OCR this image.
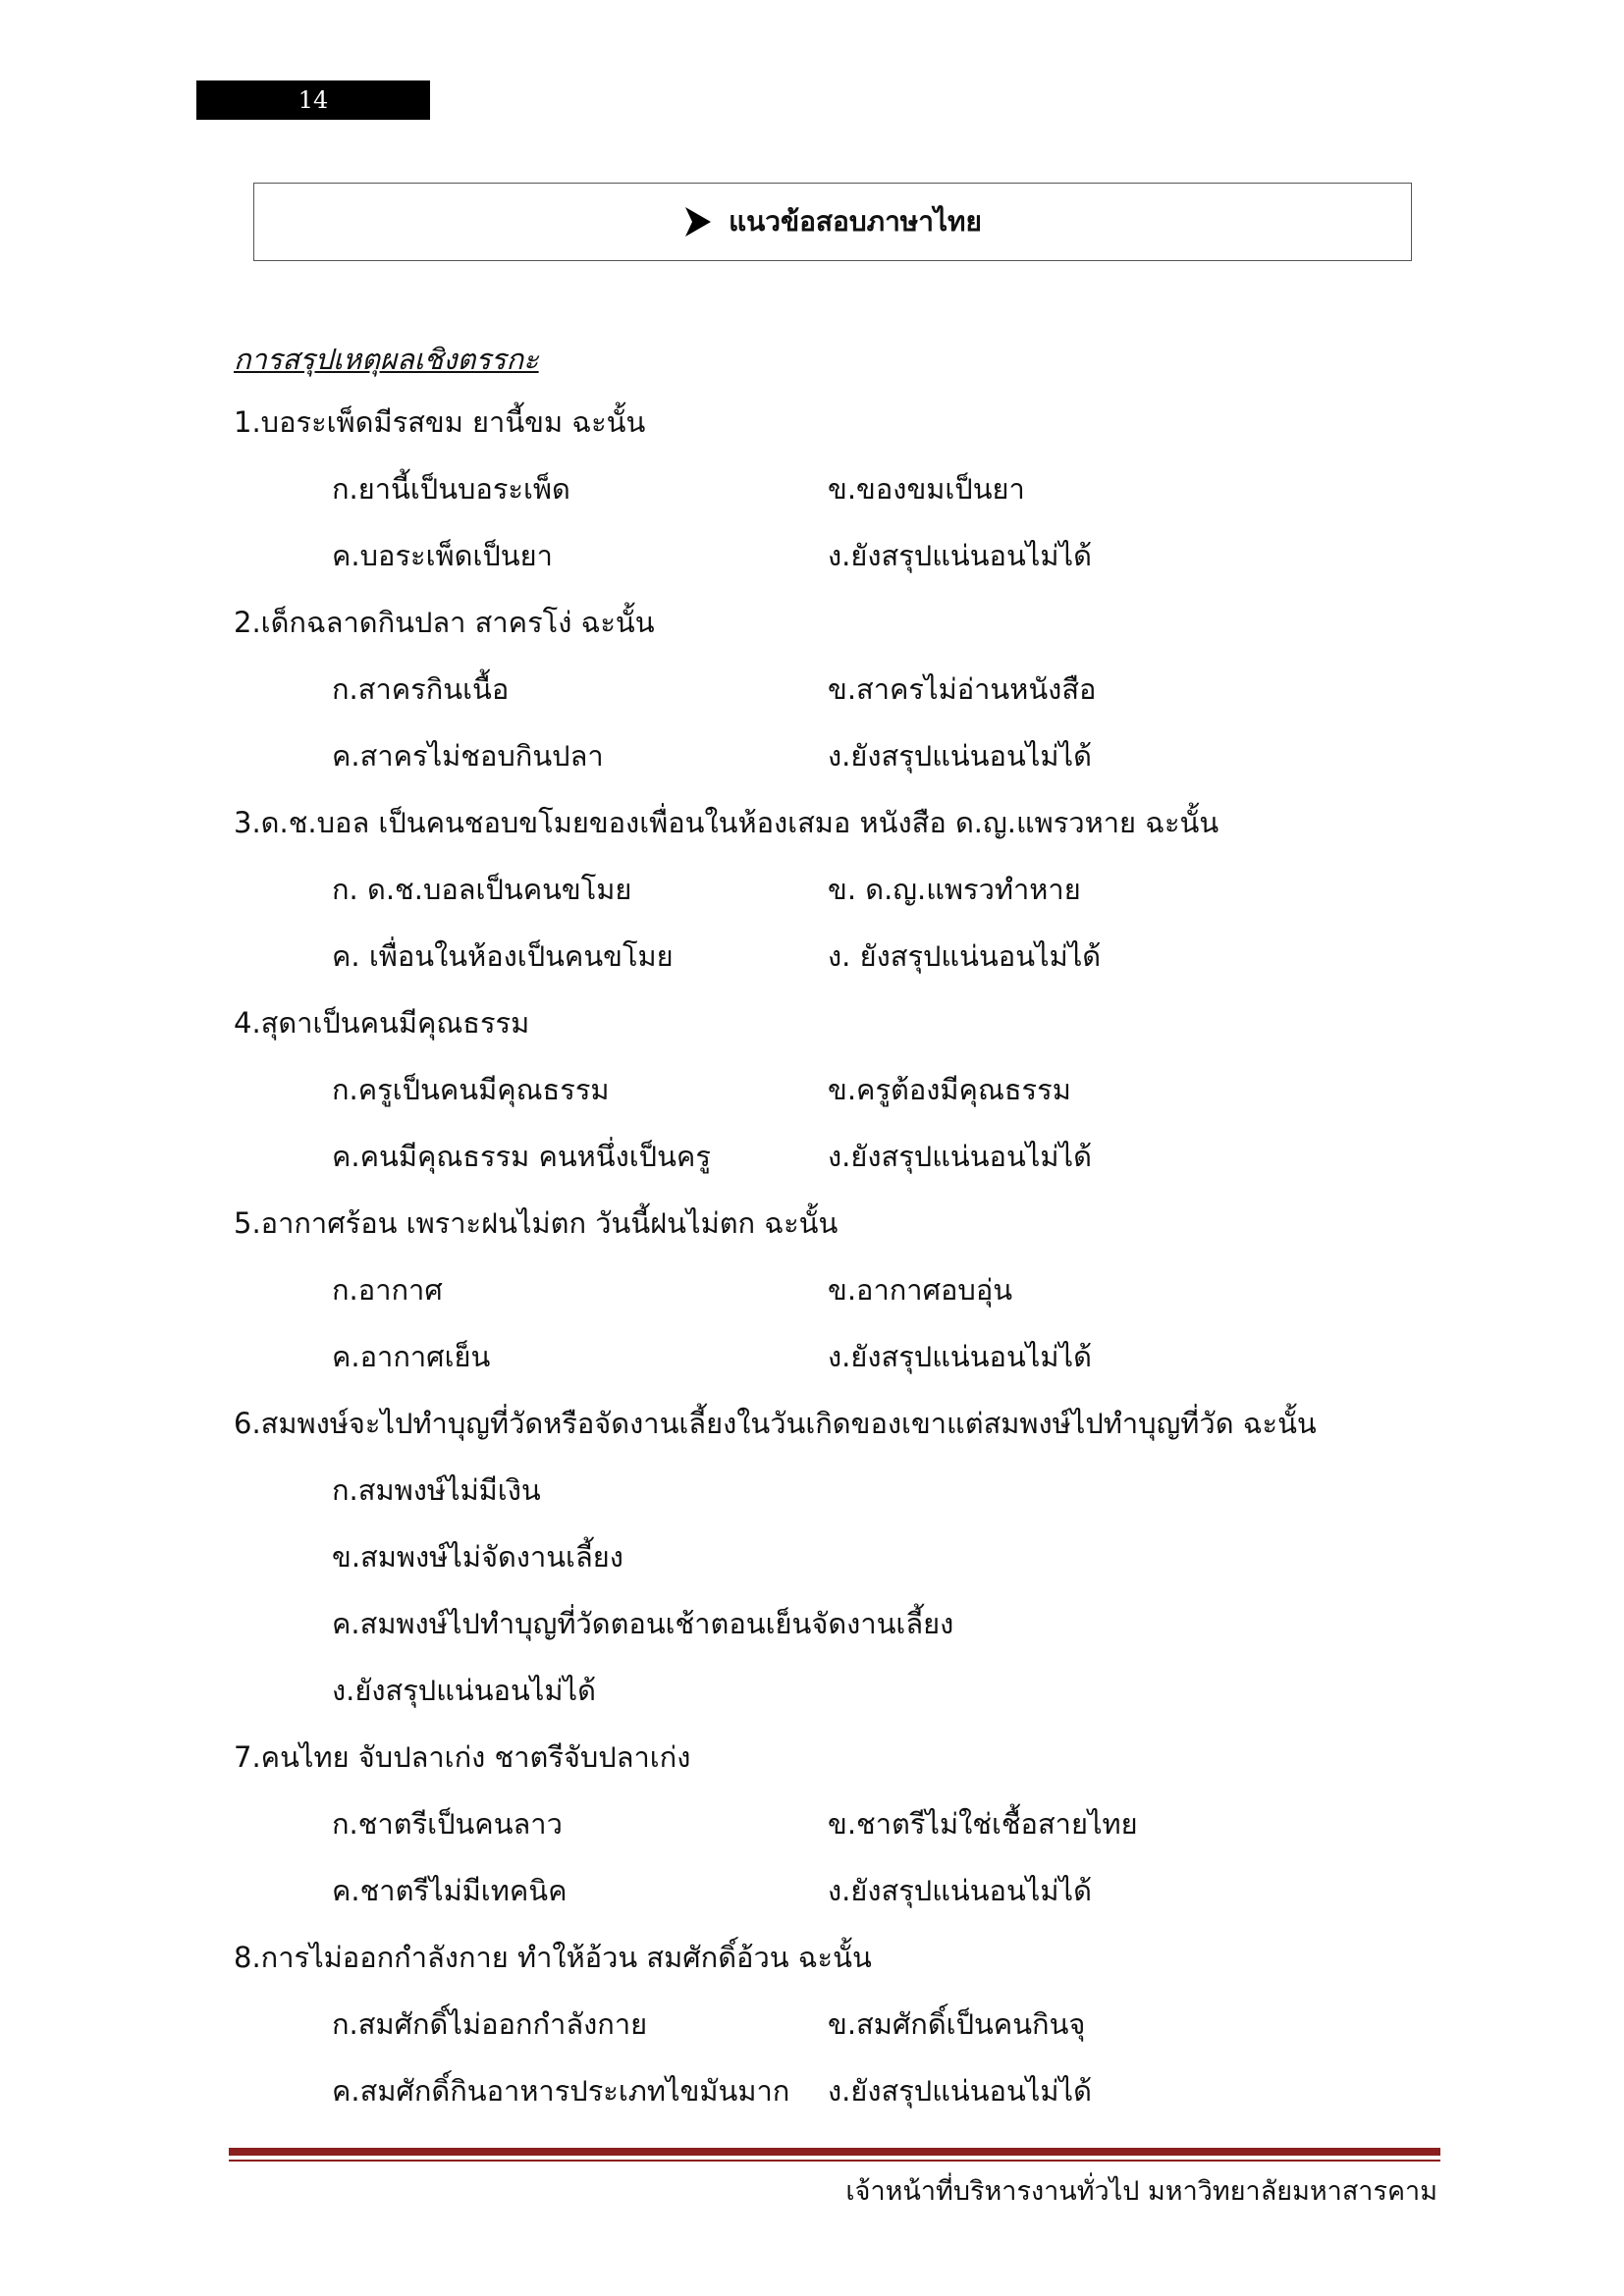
14
แนวข้อสอบภาษาไทย
การสรุปเหตุผลเชิงตรรกะ
1.บอระเพ็ดมีรสขม ยานี้ขม ฉะนั้น
ก.ยานี้เป็นบอระเพ็ด	ข.ของขมเป็นยา
ค.บอระเพ็ดเป็นยา	ง.ยังสรุปแน่นอนไม่ได้
2.เด็กฉลาดกินปลา สาครโง่ ฉะนั้น
ก.สาครกินเนื้อ	ข.สาครไม่อ่านหนังสือ
ค.สาครไม่ชอบกินปลา	ง.ยังสรุปแน่นอนไม่ได้
3.ด.ช.บอล เป็นคนชอบขโมยของเพื่อนในห้องเสมอ หนังสือ ด.ญ.แพรวหาย ฉะนั้น
ก. ด.ช.บอลเป็นคนขโมย	ข. ด.ญ.แพรวทำหาย
ค. เพื่อนในห้องเป็นคนขโมย	ง. ยังสรุปแน่นอนไม่ได้
4.สุดาเป็นคนมีคุณธรรม
ก.ครูเป็นคนมีคุณธรรม	ข.ครูต้องมีคุณธรรม
ค.คนมีคุณธรรม คนหนึ่งเป็นครู	ง.ยังสรุปแน่นอนไม่ได้
5.อากาศร้อน เพราะฝนไม่ตก วันนี้ฝนไม่ตก ฉะนั้น
ก.อากาศ	ข.อากาศอบอุ่น
ค.อากาศเย็น	ง.ยังสรุปแน่นอนไม่ได้
6.สมพงษ์จะไปทำบุญที่วัดหรือจัดงานเลี้ยงในวันเกิดของเขาแต่สมพงษ์ไปทำบุญที่วัด ฉะนั้น
ก.สมพงษ์ไม่มีเงิน
ข.สมพงษ์ไม่จัดงานเลี้ยง
ค.สมพงษ์ไปทำบุญที่วัดตอนเช้าตอนเย็นจัดงานเลี้ยง
ง.ยังสรุปแน่นอนไม่ได้
7.คนไทย จับปลาเก่ง ชาตรีจับปลาเก่ง
ก.ชาตรีเป็นคนลาว	ข.ชาตรีไม่ใช่เชื้อสายไทย
ค.ชาตรีไม่มีเทคนิค	ง.ยังสรุปแน่นอนไม่ได้
8.การไม่ออกกำลังกาย ทำให้อ้วน สมศักดิ์อ้วน ฉะนั้น
ก.สมศักดิ์ไม่ออกกำลังกาย	ข.สมศักดิ์เป็นคนกินจุ
ค.สมศักดิ์กินอาหารประเภทไขมันมาก	ง.ยังสรุปแน่นอนไม่ได้
เจ้าหน้าที่บริหารงานทั่วไป มหาวิทยาลัยมหาสารคาม
